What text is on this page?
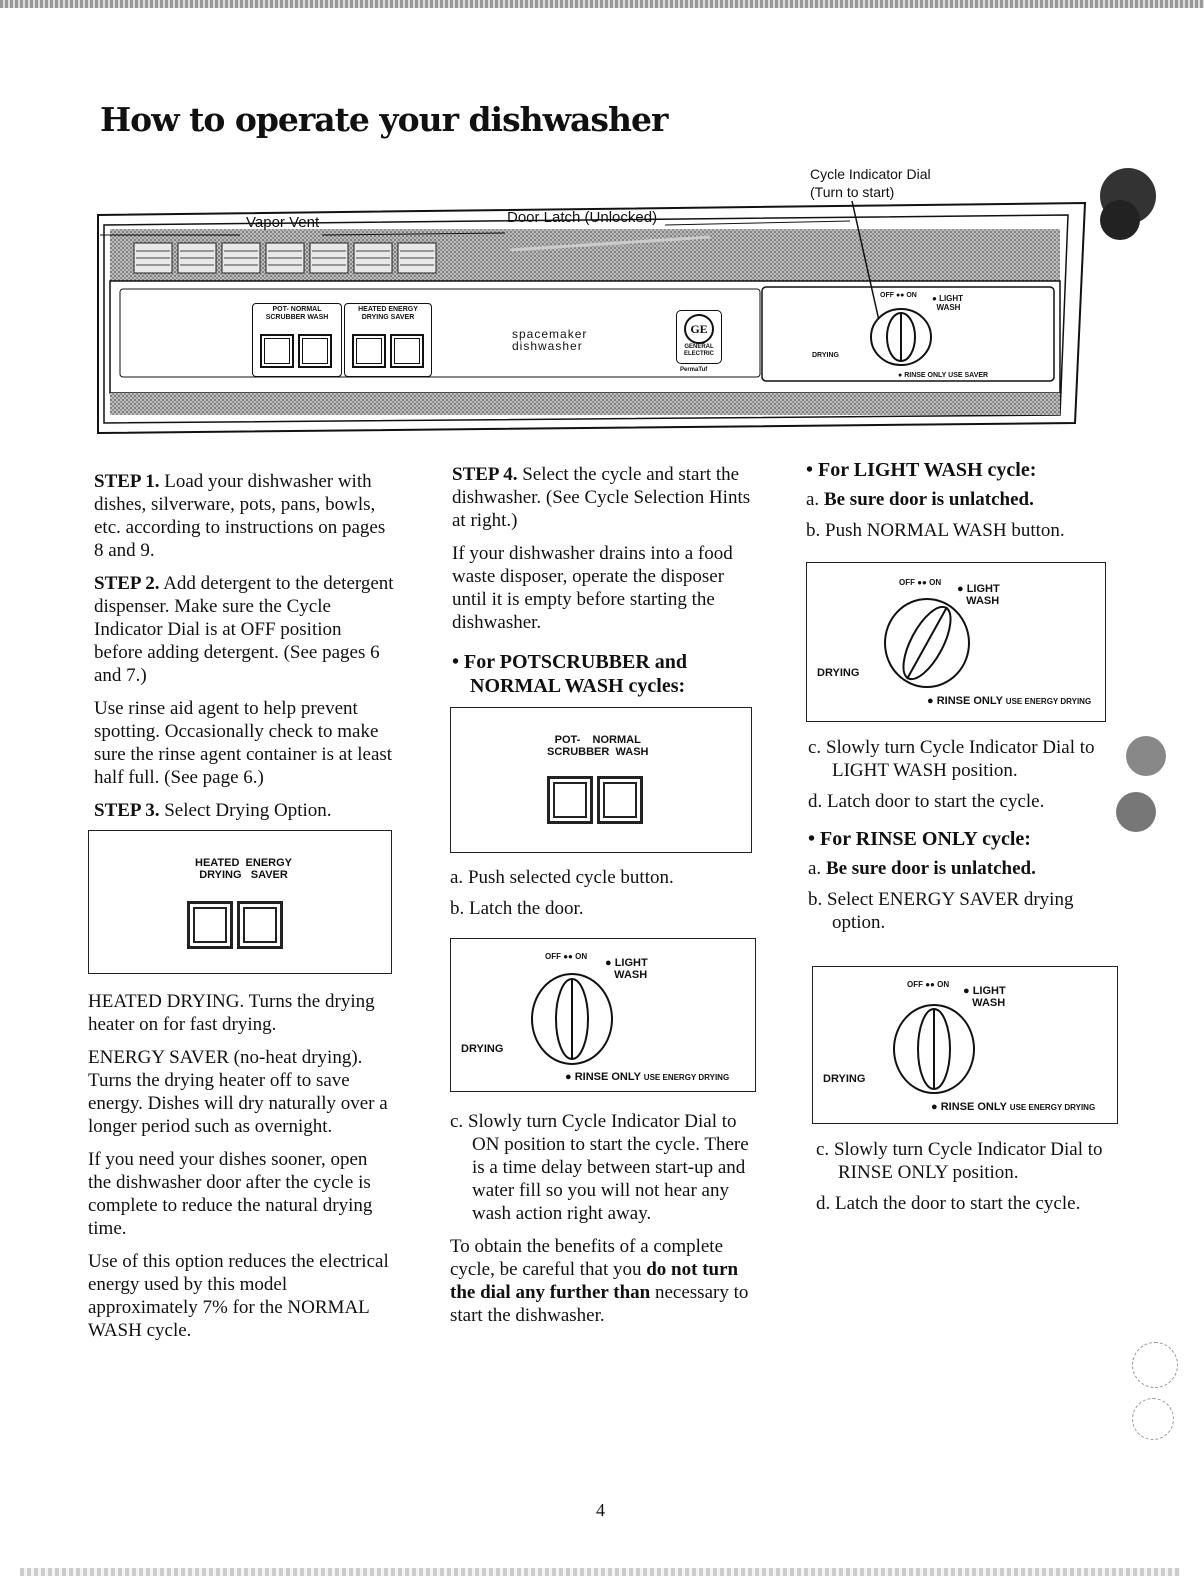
How to operate your dishwasher
Cycle Indicator Dial
(Turn to start)
Vapor Vent	Door Latch (Unlocked)
POT- NORMAL
SCRUBBER WASH

HEATED ENERGY
DRYING SAVER

spacemaker
dishwasher
GE
GENERAL ELECTRIC
PermaTuf
OFF ●● ON ● LIGHT
WASH
DRYING
● RINSE ONLY USE SAVER

STEP 1. Load your dishwasher with dishes, silverware, pots, pans, bowls, etc. according to instructions on pages 8 and 9.

STEP 2. Add detergent to the detergent dispenser. Make sure the Cycle Indicator Dial is at OFF position before adding detergent. (See pages 6 and 7.)

Use rinse aid agent to help prevent spotting. Occasionally check to make sure the rinse agent container is at least half full. (See page 6.)

STEP 3. Select Drying Option.

HEATED ENERGY
DRYING SAVER

HEATED DRYING. Turns the drying heater on for fast drying.

ENERGY SAVER (no-heat drying). Turns the drying heater off to save energy. Dishes will dry naturally over a longer period such as overnight.

If you need your dishes sooner, open the dishwasher door after the cycle is complete to reduce the natural drying time.

Use of this option reduces the electrical energy used by this model approximately 7% for the NORMAL WASH cycle.

STEP 4. Select the cycle and start the dishwasher. (See Cycle Selection Hints at right.)

If your dishwasher drains into a food waste disposer, operate the disposer until it is empty before starting the dishwasher.

• For POTSCRUBBER and NORMAL WASH cycles:
POT- NORMAL
SCRUBBER WASH

a. Push selected cycle button.

b. Latch the door.

OFF ●● ON
● LIGHT
WASH
DRYING
● RINSE ONLY USE ENERGY DRYING

c. Slowly turn Cycle Indicator Dial to ON position to start the cycle. There is a time delay between start-up and water fill so you will not hear any wash action right away.

To obtain the benefits of a complete cycle, be careful that you do not turn the dial any further than necessary to start the dishwasher.

• For LIGHT WASH cycle:

a. Be sure door is unlatched.

b. Push NORMAL WASH button.

OFF ●● ON
● LIGHT
WASH
DRYING
● RINSE ONLY USE ENERGY DRYING

c. Slowly turn Cycle Indicator Dial to LIGHT WASH position.

d. Latch door to start the cycle.

• For RINSE ONLY cycle:

a. Be sure door is unlatched.

b. Select ENERGY SAVER drying option.

OFF ●● ON
● LIGHT
WASH
DRYING
● RINSE ONLY USE ENERGY DRYING

c. Slowly turn Cycle Indicator Dial to RINSE ONLY position.

d. Latch the door to start the cycle.

4
